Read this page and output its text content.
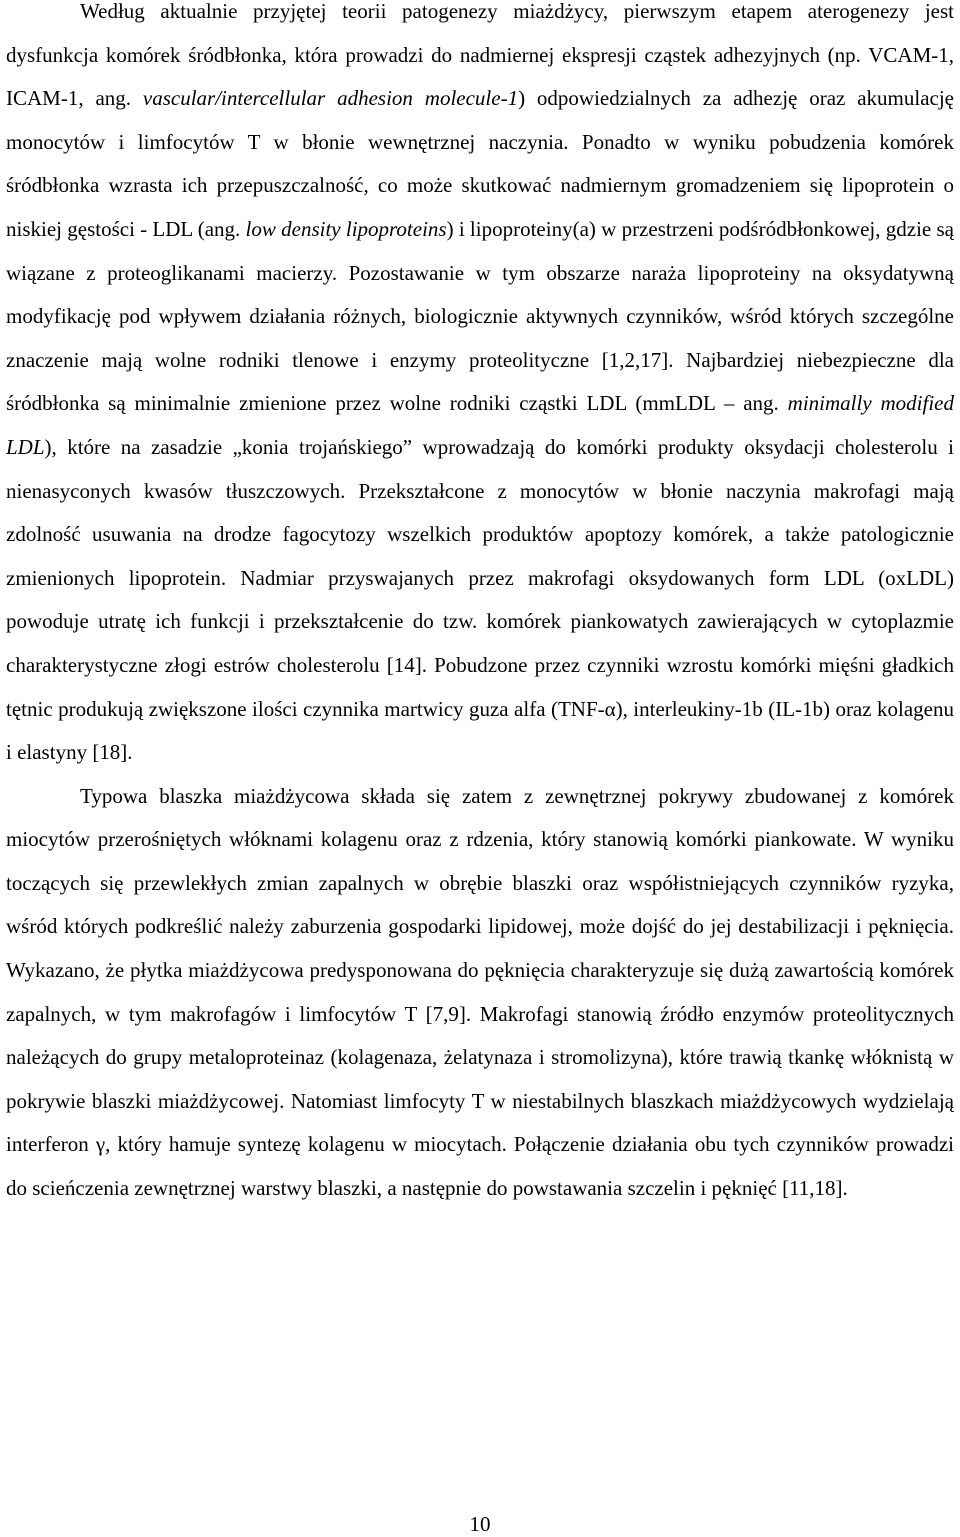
Według aktualnie przyjętej teorii patogenezy miażdżycy, pierwszym etapem aterogenezy jest dysfunkcja komórek śródbłonka, która prowadzi do nadmiernej ekspresji cząstek adhezyjnych (np. VCAM-1, ICAM-1, ang. vascular/intercellular adhesion molecule-1) odpowiedzialnych za adhezję oraz akumulację monocytów i limfocytów T w błonie wewnętrznej naczynia. Ponadto w wyniku pobudzenia komórek śródbłonka wzrasta ich przepuszczalność, co może skutkować nadmiernym gromadzeniem się lipoprotein o niskiej gęstości - LDL (ang. low density lipoproteins) i lipoproteiny(a) w przestrzeni podśródbłonkowej, gdzie są wiązane z proteoglikanami macierzy. Pozostawanie w tym obszarze naraża lipoproteiny na oksydatywną modyfikację pod wpływem działania różnych, biologicznie aktywnych czynników, wśród których szczególne znaczenie mają wolne rodniki tlenowe i enzymy proteolityczne [1,2,17]. Najbardziej niebezpieczne dla śródbłonka są minimalnie zmienione przez wolne rodniki cząstki LDL (mmLDL – ang. minimally modified LDL), które na zasadzie „konia trojańskiego” wprowadzają do komórki produkty oksydacji cholesterolu i nienasyconych kwasów tłuszczowych. Przekształcone z monocytów w błonie naczynia makrofagi mają zdolność usuwania na drodze fagocytozy wszelkich produktów apoptozy komórek, a także patologicznie zmienionych lipoprotein. Nadmiar przyswajanych przez makrofagi oksydowanych form LDL (oxLDL) powoduje utratę ich funkcji i przekształcenie do tzw. komórek piankowatych zawierających w cytoplazmie charakterystyczne złogi estrów cholesterolu [14]. Pobudzone przez czynniki wzrostu komórki mięśni gładkich tętnic produkują zwiększone ilości czynnika martwicy guza alfa (TNF-α), interleukiny-1b (IL-1b) oraz kolagenu i elastyny [18].

Typowa blaszka miażdżycowa składa się zatem z zewnętrznej pokrywy zbudowanej z komórek miocytów przerośniętych włóknami kolagenu oraz z rdzenia, który stanowią komórki piankowate. W wyniku toczących się przewlekłych zmian zapalnych w obrębie blaszki oraz współistniejących czynników ryzyka, wśród których podkreślić należy zaburzenia gospodarki lipidowej, może dojść do jej destabilizacji i pęknięcia. Wykazano, że płytka miażdżycowa predysponowana do pęknięcia charakteryzuje się dużą zawartością komórek zapalnych, w tym makrofagów i limfocytów T [7,9]. Makrofagi stanowią źródło enzymów proteolitycznych należących do grupy metaloproteinaz (kolagenaza, żelatynaza i stromolizyna), które trawią tkankę włóknistą w pokrywie blaszki miażdżycowej. Natomiast limfocyty T w niestabilnych blaszkach miażdżycowych wydzielają interferon γ, który hamuje syntezę kolagenu w miocytach. Połączenie działania obu tych czynników prowadzi do scieńczenia zewnętrznej warstwy blaszki, a następnie do powstawania szczelin i pęknięć [11,18].

10
